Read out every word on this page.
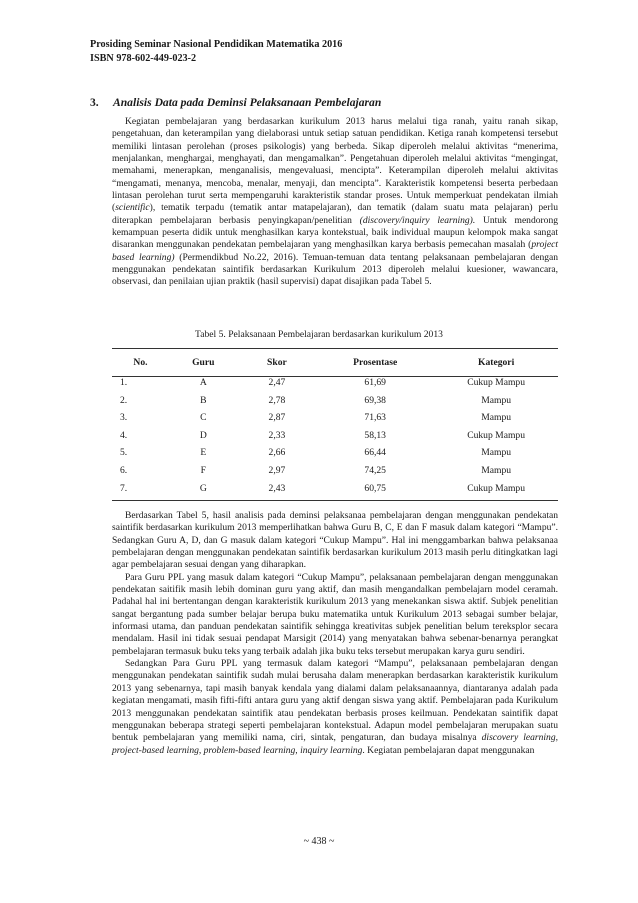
Prosiding Seminar Nasional Pendidikan Matematika 2016
ISBN 978-602-449-023-2
3. Analisis Data pada Deminsi Pelaksanaan Pembelajaran

Kegiatan pembelajaran yang berdasarkan kurikulum 2013 harus melalui tiga ranah, yaitu ranah sikap, pengetahuan, dan keterampilan yang dielaborasi untuk setiap satuan pendidikan. Ketiga ranah kompetensi tersebut memiliki lintasan perolehan (proses psikologis) yang berbeda. Sikap diperoleh melalui aktivitas “menerima, menjalankan, menghargai, menghayati, dan mengamalkan”. Pengetahuan diperoleh melalui aktivitas “mengingat, memahami, menerapkan, menganalisis, mengevaluasi, mencipta”. Keterampilan diperoleh melalui aktivitas “mengamati, menanya, mencoba, menalar, menyaji, dan mencipta”. Karakteristik kompetensi beserta perbedaan lintasan perolehan turut serta mempengaruhi karakteristik standar proses. Untuk memperkuat pendekatan ilmiah (scientific), tematik terpadu (tematik antar matapelajaran), dan tematik (dalam suatu mata pelajaran) perlu diterapkan pembelajaran berbasis penyingkapan/penelitian (discovery/inquiry learning). Untuk mendorong kemampuan peserta didik untuk menghasilkan karya kontekstual, baik individual maupun kelompok maka sangat disarankan menggunakan pendekatan pembelajaran yang menghasilkan karya berbasis pemecahan masalah (project based learning) (Permendikbud No.22, 2016). Temuan-temuan data tentang pelaksanaan pembelajaran dengan menggunakan pendekatan saintifik berdasarkan Kurikulum 2013 diperoleh melalui kuesioner, wawancara, observasi, dan penilaian ujian praktik (hasil supervisi) dapat disajikan pada Tabel 5.

Tabel 5. Pelaksanaan Pembelajaran berdasarkan kurikulum 2013
No.	Guru	Skor	Prosentase	Kategori
1.	A	2,47	61,69	Cukup Mampu
2.	B	2,78	69,38	Mampu
3.	C	2,87	71,63	Mampu
4.	D	2,33	58,13	Cukup Mampu
5.	E	2,66	66,44	Mampu
6.	F	2,97	74,25	Mampu
7.	G	2,43	60,75	Cukup Mampu

Berdasarkan Tabel 5, hasil analisis pada deminsi pelaksanaa pembelajaran dengan menggunakan pendekatan saintifik berdasarkan kurikulum 2013 memperlihatkan bahwa Guru B, C, E dan F masuk dalam kategori “Mampu”. Sedangkan Guru A, D, dan G masuk dalam kategori “Cukup Mampu”. Hal ini menggambarkan bahwa pelaksanaa pembelajaran dengan menggunakan pendekatan saintifik berdasarkan kurikulum 2013 masih perlu ditingkatkan lagi agar pembelajaran sesuai dengan yang diharapkan.

Para Guru PPL yang masuk dalam kategori “Cukup Mampu”, pelaksanaan pembelajaran dengan menggunakan pendekatan saitifik masih lebih dominan guru yang aktif, dan masih mengandalkan pembelajarn model ceramah. Padahal hal ini bertentangan dengan karakteristik kurikulum 2013 yang menekankan siswa aktif. Subjek penelitian sangat bergantung pada sumber belajar berupa buku matematika untuk Kurikulum 2013 sebagai sumber belajar, informasi utama, dan panduan pendekatan saintifik sehingga kreativitas subjek penelitian belum tereksplor secara mendalam. Hasil ini tidak sesuai pendapat Marsigit (2014) yang menyatakan bahwa sebenar-benarnya perangkat pembelajaran termasuk buku teks yang terbaik adalah jika buku teks tersebut merupakan karya guru sendiri.

Sedangkan Para Guru PPL yang termasuk dalam kategori “Mampu”, pelaksanaan pembelajaran dengan menggunakan pendekatan saintifik sudah mulai berusaha dalam menerapkan berdasarkan karakteristik kurikulum 2013 yang sebenarnya, tapi masih banyak kendala yang dialami dalam pelaksanaannya, diantaranya adalah pada kegiatan mengamati, masih fifti-fifti antara guru yang aktif dengan siswa yang aktif. Pembelajaran pada Kurikulum 2013 menggunakan pendekatan saintifik atau pendekatan berbasis proses keilmuan. Pendekatan saintifik dapat menggunakan beberapa strategi seperti pembelajaran kontekstual. Adapun model pembelajaran merupakan suatu bentuk pembelajaran yang memiliki nama, ciri, sintak, pengaturan, dan budaya misalnya discovery learning, project-based learning, problem-based learning, inquiry learning. Kegiatan pembelajaran dapat menggunakan

~ 438 ~
